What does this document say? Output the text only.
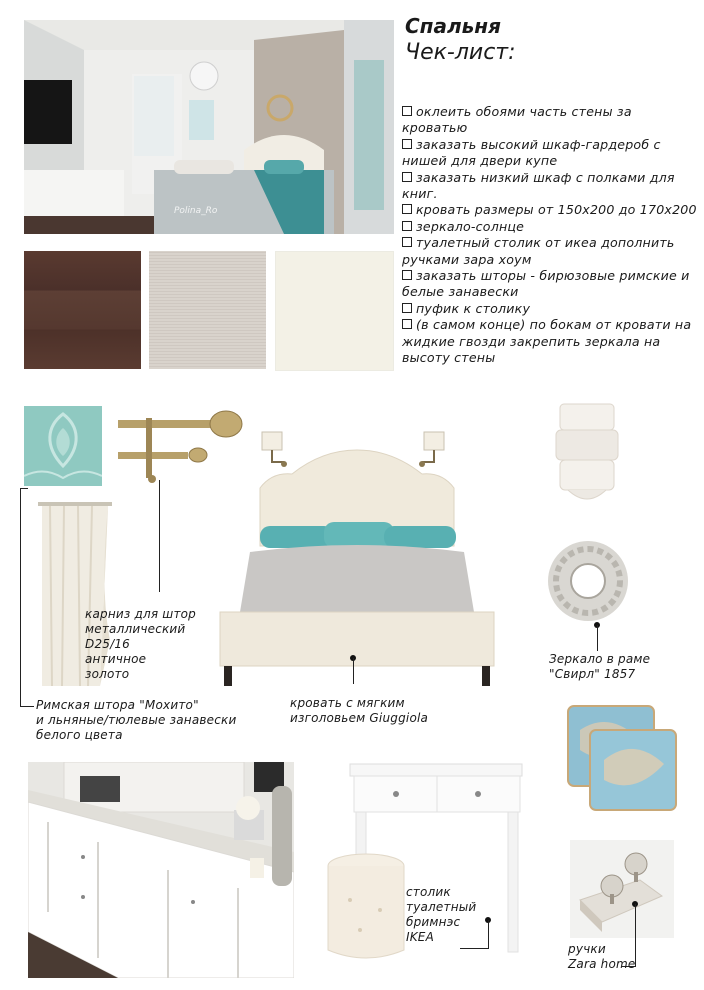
Спальня
Чек-лист:
оклеить обоями часть стены за кроватью
заказать высокий шкаф-гардероб с нишей для двери купе
заказать низкий шкаф с полками для книг.
кровать размеры от 150х200 до 170х200
зеркало-солнце
туалетный столик от икеа дополнить ручками зара хоум
заказать шторы - бирюзовые римские и белые занавески
пуфик к столику
(в самом конце) по бокам от кровати на жидкие гвозди закрепить зеркала на высоту стены
Polina_Ro
карниз для штор
металлический
D25/16
античное
золото
Римская штора "Мохито"
и льняные/тюлевые занавески
белого цвета
кровать с мягким
изголовьем Giuggiola
Зеркало в раме
"Свирл" 1857
столик
туалетный
бримнэс
IKEA
ручки
Zara home
